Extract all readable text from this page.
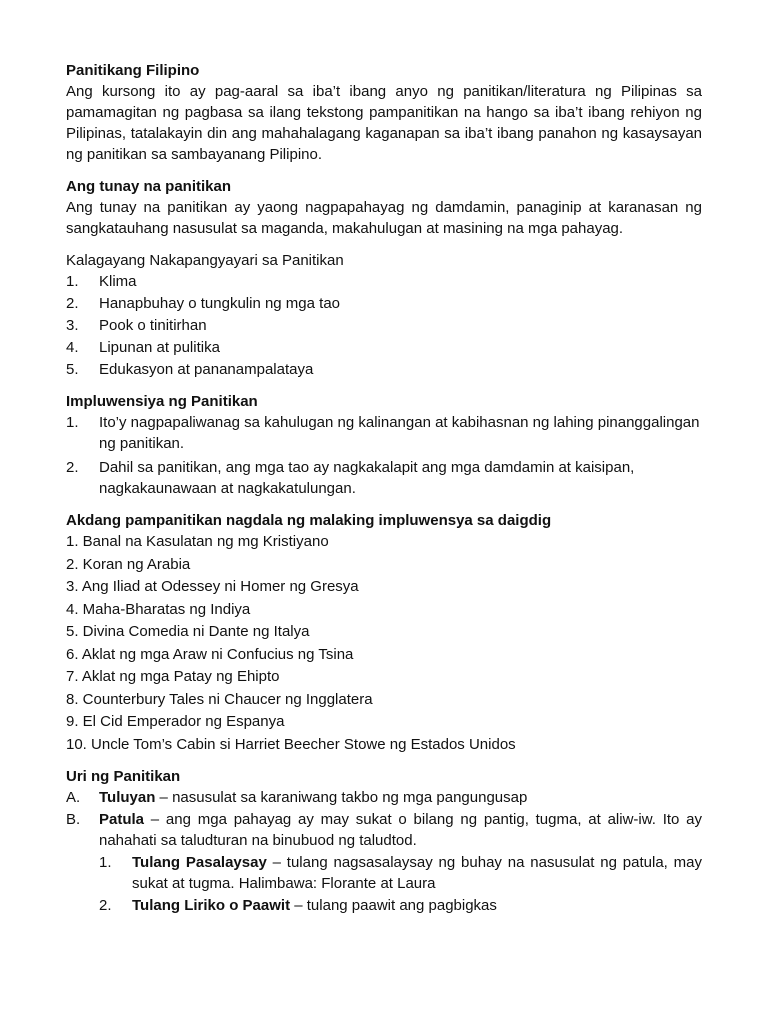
Panitikang Filipino

Ang kursong ito ay pag-aaral sa iba’t ibang anyo ng panitikan/literatura ng Pilipinas sa pamamagitan ng pagbasa sa ilang tekstong pampanitikan na hango sa iba’t ibang rehiyon ng Pilipinas, tatalakayin din ang mahahalagang kaganapan sa iba’t ibang panahon ng kasaysayan ng panitikan sa sambayanang Pilipino.

Ang tunay na panitikan

Ang tunay na panitikan ay yaong nagpapahayag ng damdamin, panaginip at karanasan ng sangkatauhang nasusulat sa maganda, makahulugan at masining na mga pahayag.

Kalagayang Nakapangyayari sa Panitikan

1.	Klima
2.	Hanapbuhay o tungkulin ng mga tao
3.	Pook o tinitirhan
4.	Lipunan at pulitika
5.	Edukasyon at pananampalataya

Impluwensiya ng Panitikan

1.	Ito’y nagpapaliwanag sa kahulugan ng kalinangan at kabihasnan ng lahing pinanggalingan ng panitikan.
2.	Dahil sa panitikan, ang mga tao ay nagkakalapit ang mga damdamin at kaisipan, nagkakaunawaan at nagkakatulungan.

Akdang pampanitikan nagdala ng malaking impluwensya sa daigdig

1. Banal na Kasulatan ng mg Kristiyano
2. Koran ng Arabia
3. Ang Iliad at Odessey ni Homer ng Gresya
4. Maha-Bharatas ng Indiya
5. Divina Comedia ni Dante ng Italya
6. Aklat ng mga Araw ni Confucius ng Tsina
7. Aklat ng mga Patay ng Ehipto
8. Counterbury Tales ni Chaucer ng Ingglatera
9. El Cid Emperador ng Espanya
10. Uncle Tom’s Cabin si Harriet Beecher Stowe ng Estados Unidos

Uri ng Panitikan

A.	Tuluyan – nasusulat sa karaniwang takbo ng mga pangungusap
B.	Patula – ang mga pahayag ay may sukat o bilang ng pantig, tugma, at aliw-iw. Ito ay nahahati sa taludturan na binubuod ng taludtod.
1.	Tulang Pasalaysay – tulang nagsasalaysay ng buhay na nasusulat ng patula, may sukat at tugma. Halimbawa: Florante at Laura
2.	Tulang Liriko o Paawit – tulang paawit ang pagbigkas
